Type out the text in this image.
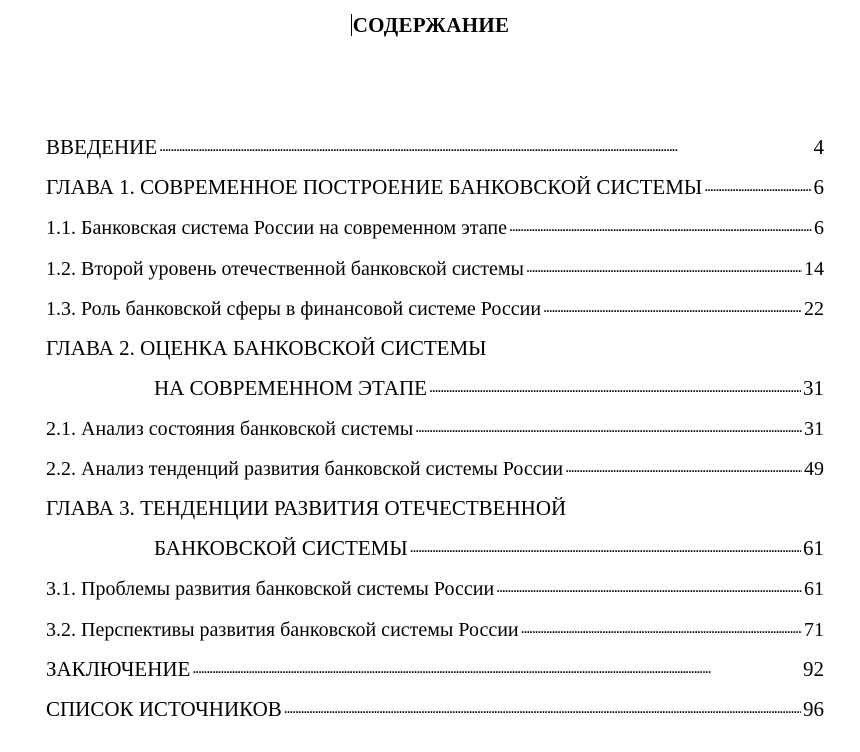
СОДЕРЖАНИЕ
ВВЕДЕНИЕ . . .	4
ГЛАВА 1. СОВРЕМЕННОЕ ПОСТРОЕНИЕ БАНКОВСКОЙ СИСТЕМЫ . . .	6
1.1. Банковская система России на современном этапе . . .	6
1.2. Второй уровень отечественной банковской системы . . .	14
1.3. Роль банковской сферы в финансовой системе России . . .	22
ГЛАВА 2. ОЦЕНКА БАНКОВСКОЙ СИСТЕМЫ
НА СОВРЕМЕННОМ ЭТАПЕ . . .	31
2.1. Анализ состояния банковской системы . . .	31
2.2. Анализ тенденций развития банковской системы России . . .	49
ГЛАВА 3. ТЕНДЕНЦИИ РАЗВИТИЯ ОТЕЧЕСТВЕННОЙ
БАНКОВСКОЙ СИСТЕМЫ . . .	61
3.1. Проблемы развития банковской системы России . . .	61
3.2. Перспективы развития банковской системы России . . .	71
ЗАКЛЮЧЕНИЕ . . .	92
СПИСОК ИСТОЧНИКОВ . . .	96
